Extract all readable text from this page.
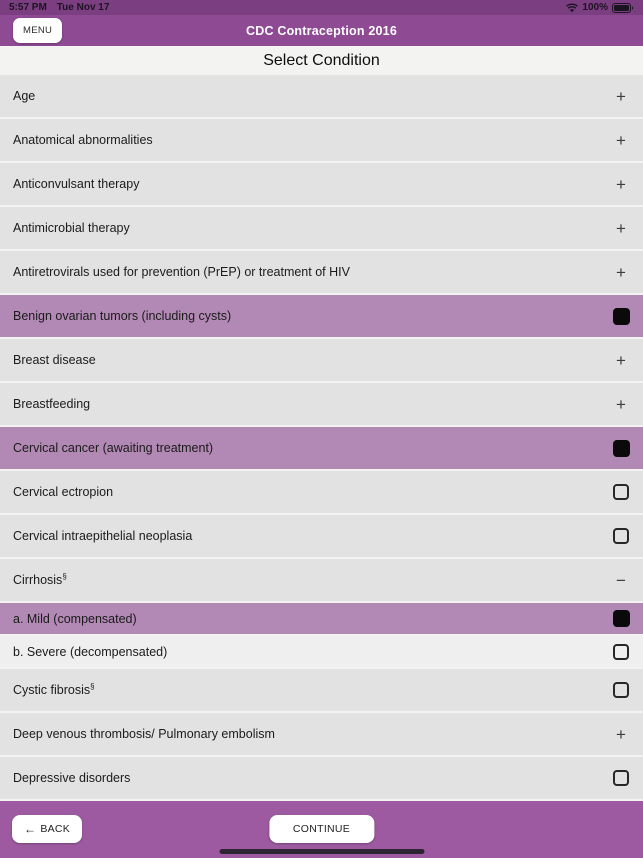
5:57 PM Tue Nov 17	100%
MENU	CDC Contraception 2016
Select Condition
Age	+
Anatomical abnormalities	+
Anticonvulsant therapy	+
Antimicrobial therapy	+
Antiretrovirals used for prevention (PrEP) or treatment of HIV	+
Benign ovarian tumors (including cysts)
Breast disease	+
Breastfeeding	+
Cervical cancer (awaiting treatment)
Cervical ectropion
Cervical intraepithelial neoplasia
Cirrhosis§	−
a. Mild (compensated)
b. Severe (decompensated)
Cystic fibrosis§
Deep venous thrombosis/ Pulmonary embolism	+
Depressive disorders
← BACK	CONTINUE
